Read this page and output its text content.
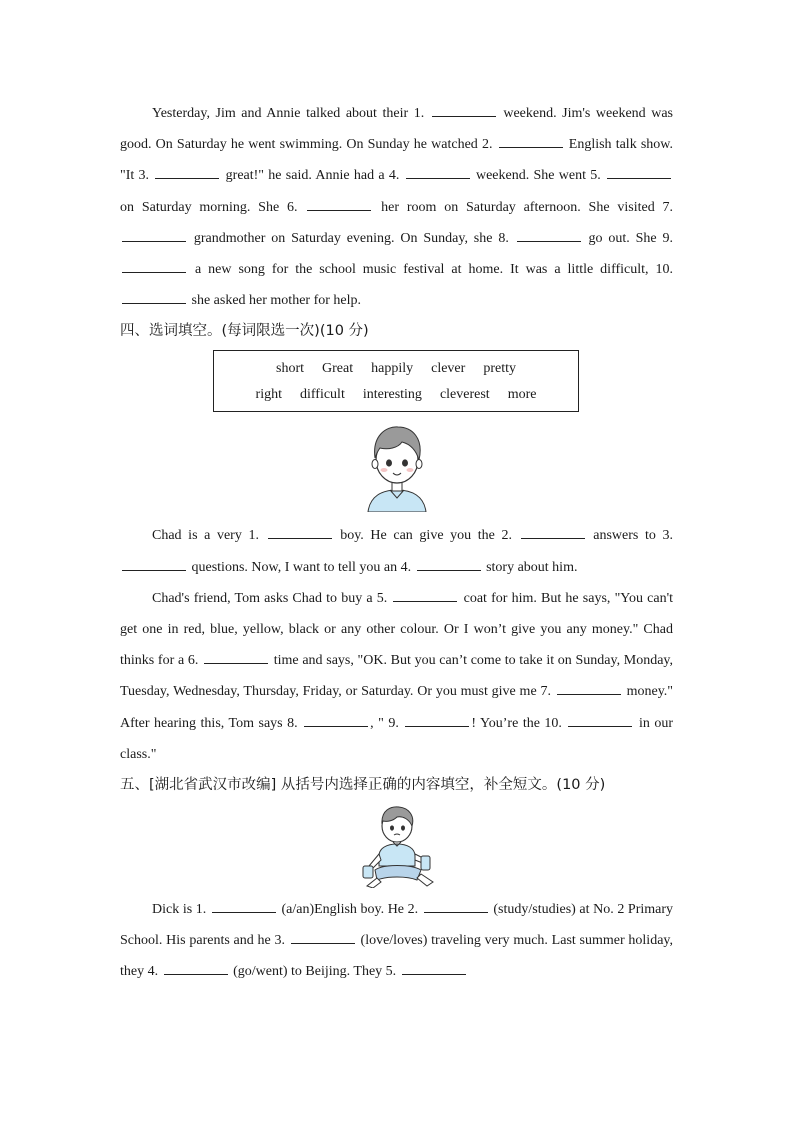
Yesterday, Jim and Annie talked about their 1.	weekend. Jim's weekend was good. On Saturday he went swimming. On Sunday he watched 2.	English talk show. "It 3.	great!" he said. Annie had a 4.	weekend. She went 5.  on Saturday morning. She 6.	her room on Saturday afternoon. She visited 7.  grandmother on Saturday evening. On Sunday, she 8.	go out. She 9.  a new song for the school music festival at home. It was a little difficult, 10.  she asked her mother for help.

四、选词填空。(每词限选一次)(10 分)
short Great happily clever pretty
right difficult interesting cleverest more

Chad is a very 1.	boy. He can give you the 2.	answers to 3.  questions. Now, I want to tell you an 4.	story about him.

Chad's friend, Tom asks Chad to buy a 5.	coat for him. But he says, "You can't get one in red, blue, yellow, black or any other colour. Or I won’t give you any money." Chad thinks for a 6.	time and says, "OK. But you can’t come to take it on Sunday, Monday, Tuesday, Wednesday, Thursday, Friday, or Saturday. Or you must give me 7.	money." After hearing this, Tom says 8.	, " 9.	! You’re the 10.	in our class."

五、[湖北省武汉市改编] 从括号内选择正确的内容填空，补全短文。(10 分)

Dick is 1.	(a/an)English boy. He 2.	(study/studies) at No. 2 Primary School. His parents and he 3.	(love/loves) traveling very much. Last summer holiday, they 4.	(go/went) to Beijing. They 5.
